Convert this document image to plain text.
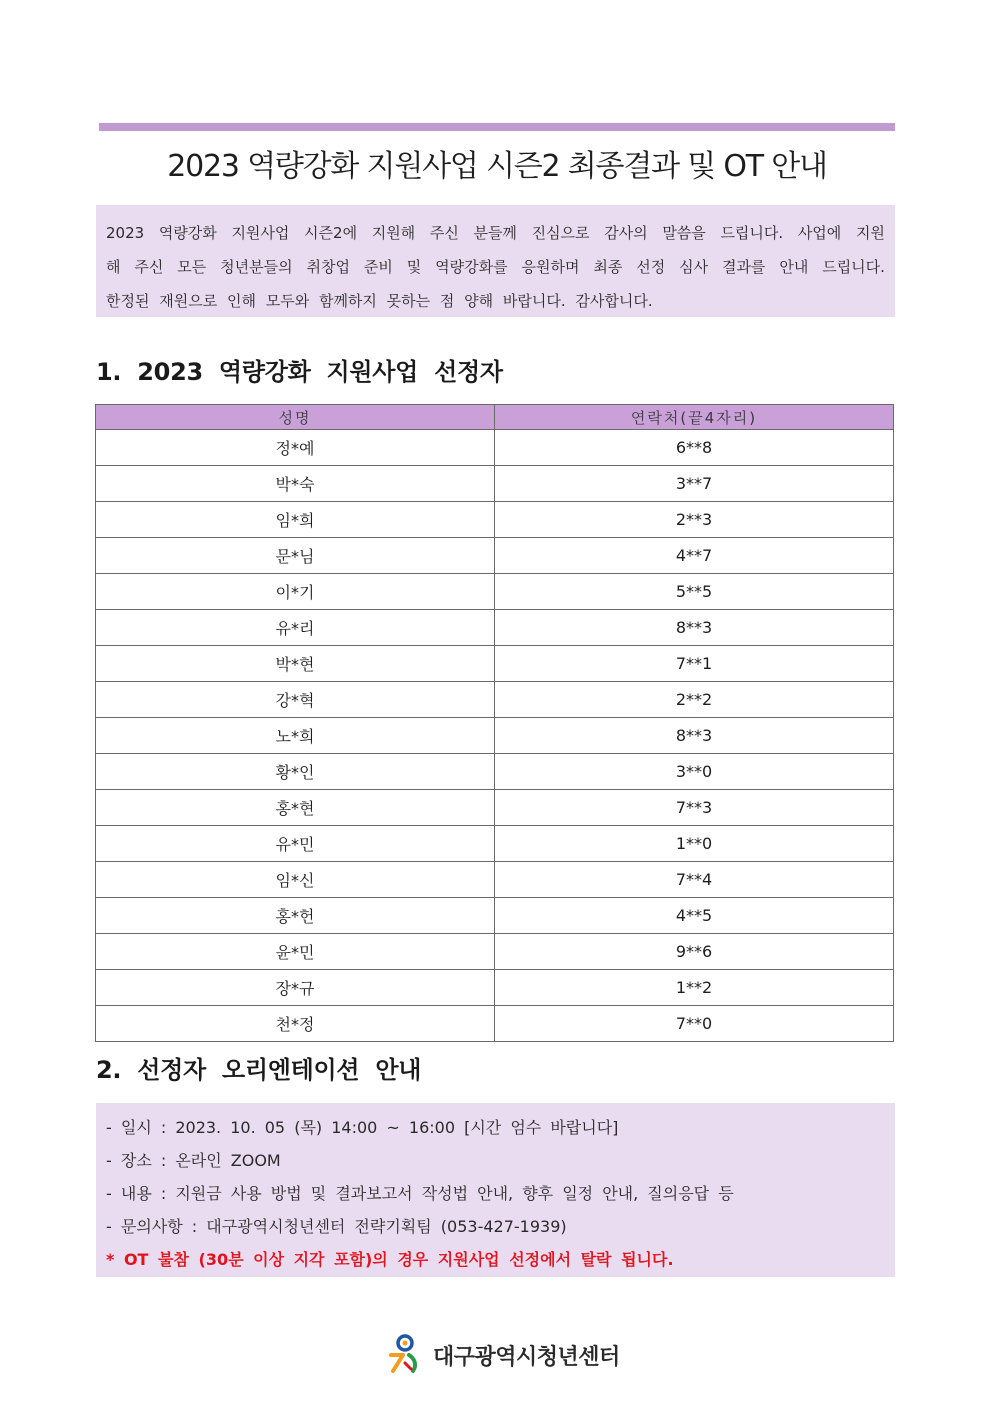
2023 역량강화 지원사업 시즌2 최종결과 및 OT 안내

2023 역량강화 지원사업 시즌2에 지원해 주신 분들께 진심으로 감사의 말씀을 드립니다. 사업에 지원

해 주신 모든 청년분들의 취창업 준비 및 역량강화를 응원하며 최종 선정 심사 결과를 안내 드립니다.

한정된 재원으로 인해 모두와 함께하지 못하는 점 양해 바랍니다. 감사합니다.

1. 2023 역량강화 지원사업 선정자
성명	연락처(끝4자리)
정*예	6**8
박*숙	3**7
임*희	2**3
문*님	4**7
이*기	5**5
유*리	8**3
박*현	7**1
강*혁	2**2
노*희	8**3
황*인	3**0
홍*현	7**3
유*민	1**0
임*신	7**4
홍*헌	4**5
윤*민	9**6
장*규	1**2
천*정	7**0
2. 선정자 오리엔테이션 안내

- 일시 : 2023. 10. 05 (목) 14:00 ~ 16:00 [시간 엄수 바랍니다]

- 장소 : 온라인 ZOOM

- 내용 : 지원금 사용 방법 및 결과보고서 작성법 안내, 향후 일정 안내, 질의응답 등

- 문의사항 : 대구광역시청년센터 전략기획팀 (053-427-1939)

* OT 불참 (30분 이상 지각 포함)의 경우 지원사업 선정에서 탈락 됩니다.

대구광역시청년센터
